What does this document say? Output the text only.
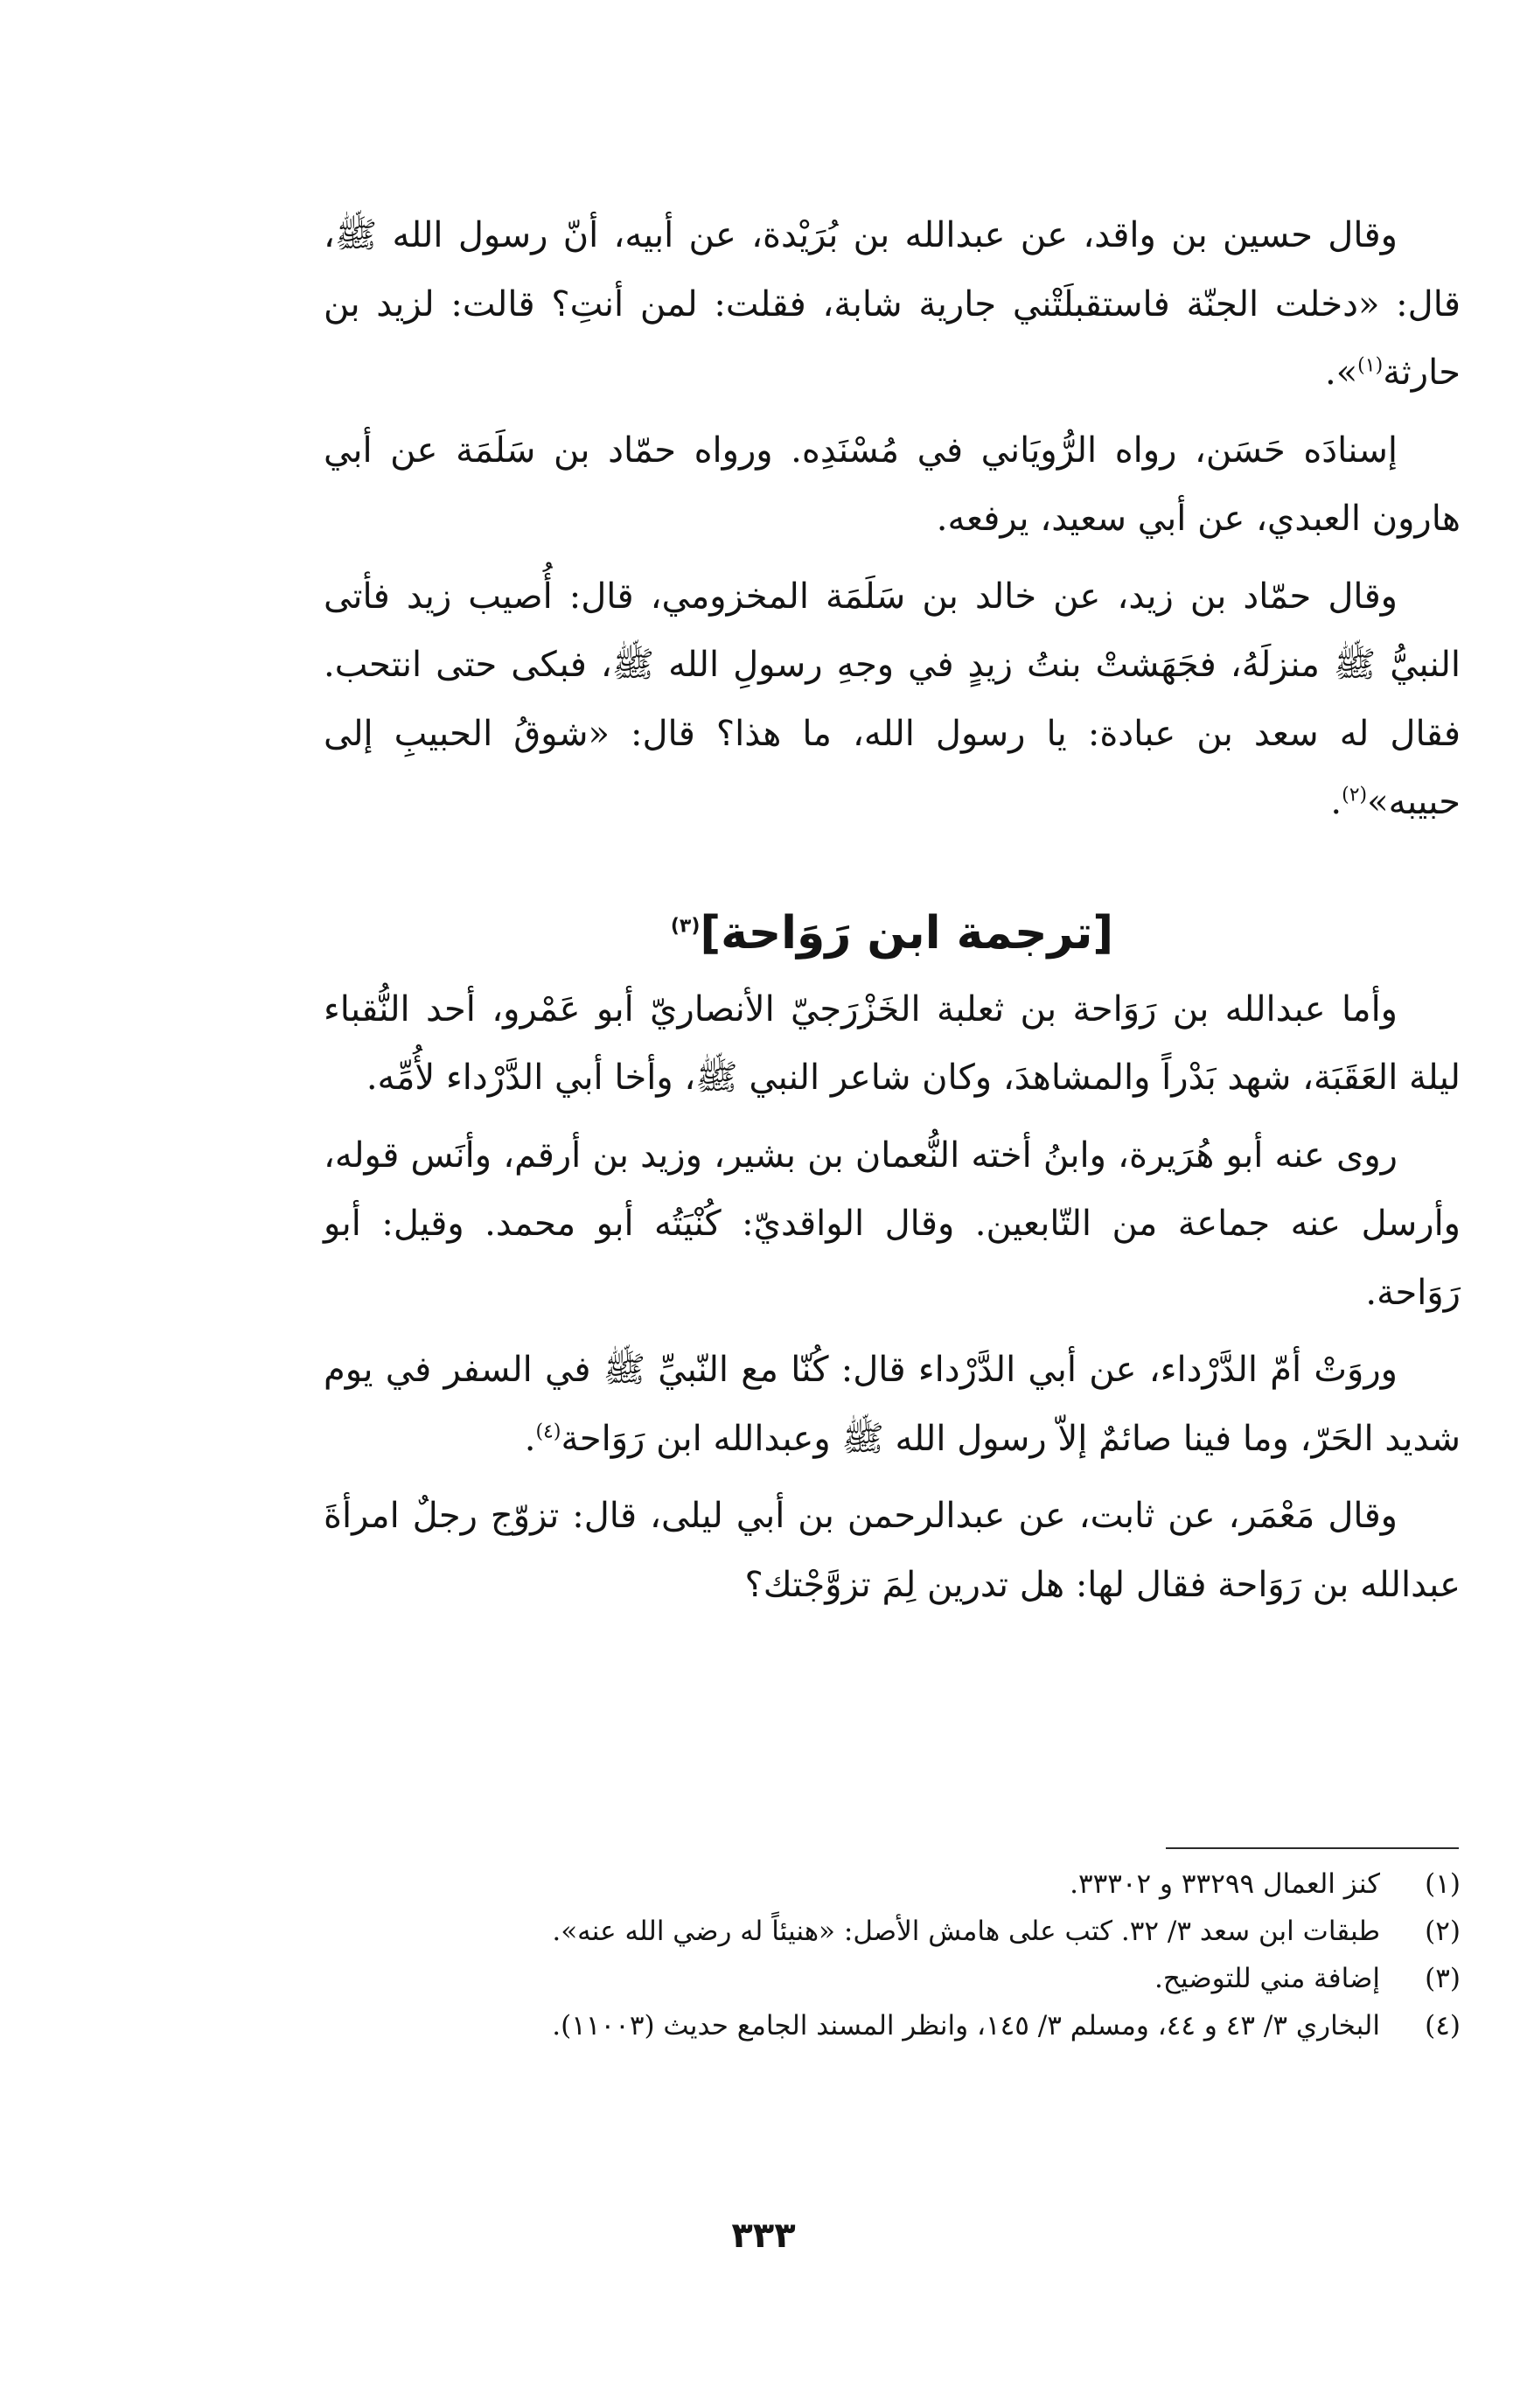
وقال حسين بن واقد، عن عبدالله بن بُرَيْدة، عن أبيه، أنّ رسول الله ﷺ، قال: «دخلت الجنّة فاستقبلَتْني جارية شابة، فقلت: لمن أنتِ؟ قالت: لزيد بن حارثة$^{(١)}$».

إسنادَه حَسَن، رواه الرُّويَاني في مُسْنَدِه. ورواه حمّاد بن سَلَمَة عن أبي هارون العبدي، عن أبي سعيد، يرفعه.

وقال حمّاد بن زيد، عن خالد بن سَلَمَة المخزومي، قال: أُصيب زيد فأتى النبيُّ ﷺ منزلَهُ، فجَهَشتْ بنتُ زيدٍ في وجهِ رسولِ الله ﷺ، فبكى حتى انتحب. فقال له سعد بن عبادة: يا رسول الله، ما هذا؟ قال: «شوقُ الحبيبِ إلى حبيبه»$^{(٢)}$.

[ترجمة ابن رَوَاحة]$^{(٣)}$

وأما عبدالله بن رَوَاحة بن ثعلبة الخَزْرَجيّ الأنصاريّ أبو عَمْرو، أحد النُّقباء ليلة العَقَبَة، شهد بَدْراً والمشاهدَ، وكان شاعر النبي ﷺ، وأخا أبي الدَّرْداء لأُمِّه.

روى عنه أبو هُرَيرة، وابنُ أخته النُّعمان بن بشير، وزيد بن أرقم، وأنَس قوله، وأرسل عنه جماعة من التّابعين. وقال الواقديّ: كُنْيَتُه أبو محمد. وقيل: أبو رَوَاحة.

وروَتْ أمّ الدَّرْداء، عن أبي الدَّرْداء قال: كُنّا مع النّبيِّ ﷺ في السفر في يوم شديد الحَرّ، وما فينا صائمٌ إلاّ رسول الله ﷺ وعبدالله ابن رَوَاحة$^{(٤)}$.

وقال مَعْمَر، عن ثابت، عن عبدالرحمن بن أبي ليلى، قال: تزوّج رجلٌ امرأةَ عبدالله بن رَوَاحة فقال لها: هل تدرين لِمَ تزوَّجْتك؟

(١)
كنز العمال ٣٣٢٩٩ و ٣٣٣٠٢.
(٢)
طبقات ابن سعد ٣/ ٣٢. كتب على هامش الأصل: «هنيئاً له رضي الله عنه».
(٣)
إضافة مني للتوضيح.
(٤)
البخاري ٣/ ٤٣ و ٤٤، ومسلم ٣/ ١٤٥، وانظر المسند الجامع حديث (١١٠٠٣).
٣٣٣
